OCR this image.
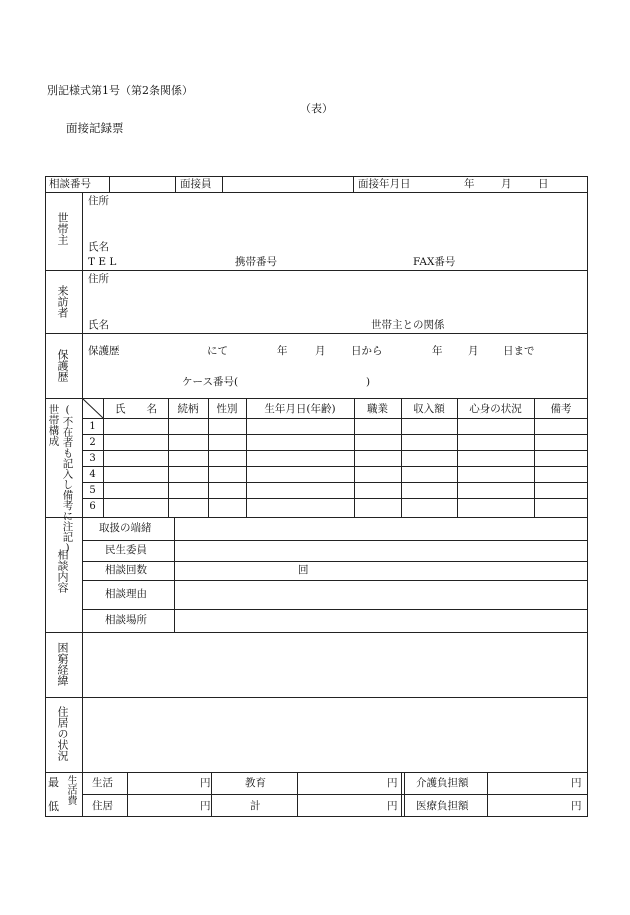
別記様式第1号（第2条関係）
（表）
面接記録票
相談番号	面接員	面接年月日	年	月	日
世帯主
住所
氏名
T E L	携帯番号	FAX番号
来訪者
住所
氏名	世帯主との関係
保護歴 保護歴	にて	年	月 日から	年 月 日まで
ケース番号(	)
世帯構成 (不在者も記入し備考に注記)	氏　　名	続柄	性別	生年月日(年齢)	職業	収入額	心身の状況	備考
1
2
3
4
5
6
相談内容
取扱の端緒
民生委員
相談回数	回
相談理由
相談場所
困窮経緯
住居の状況
最
低
生活費 生活	円	教育	円 介護負担額	円
住居	円	計	円 医療負担額	円
